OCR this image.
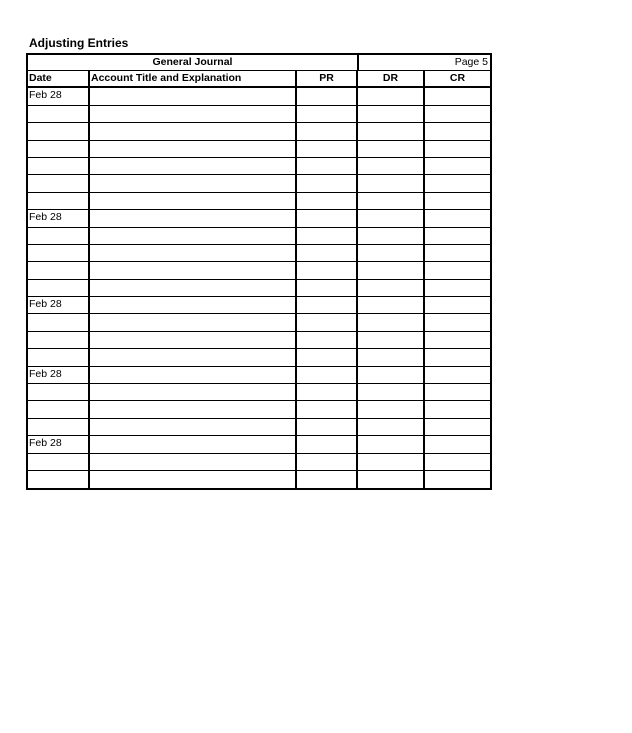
Adjusting Entries
General Journal	Page 5
Date	Account Title and Explanation	PR	DR	CR
Feb 28
Feb 28
Feb 28
Feb 28
Feb 28
